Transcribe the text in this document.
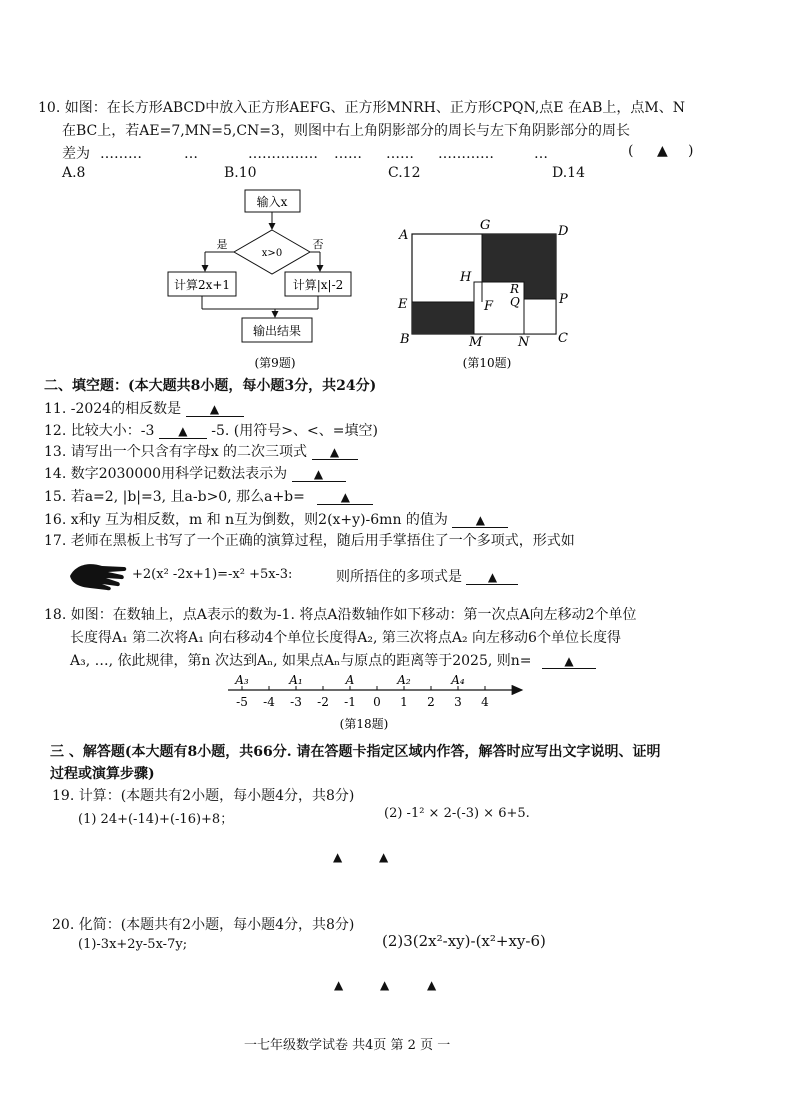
10. 如图：在长方形ABCD中放入正方形AEFG、正方形MNRH、正方形CPQN,点E 在AB上，点M、N
在BC上，若AE=7,MN=5,CN=3，则图中右上角阴影部分的周长与左下角阴影部分的周长
差为 ………	…	…………… …… …… …………	…	( ▲ )
A.8	B.10	C.12	D.14
输入x
x>0
是	否
计算2x+1	计算|x|-2
输出结果
(第9题)
A
G	D
H
R
Q	P
E	F
B	M	N C
(第10题)
二、填空题：(本大题共8小题，每小题3分，共24分)
11. -2024的相反数是 ▲
12. 比较大小：-3 ▲ -5. (用符号>、<、=填空)
13. 请写出一个只含有字母x 的二次三项式 ▲
14. 数字2030000用科学记数法表示为 ▲
15. 若a=2, |b|=3, 且a-b>0, 那么a+b=	▲
16. x和y 互为相反数，m 和 n互为倒数，则2(x+y)-6mn 的值为 ▲
17. 老师在黑板上书写了一个正确的演算过程，随后用手掌捂住了一个多项式，形式如
+2(x² -2x+1)=-x² +5x-3:	则所捂住的多项式是 ▲
18. 如图：在数轴上，点A表示的数为-1. 将点A沿数轴作如下移动：第一次点A向左移动2个单位
长度得A₁ 第二次将A₁ 向右移动4个单位长度得A₂, 第三次将点A₂ 向左移动6个单位长度得
A₃, …, 依此规律，第n 次达到Aₙ, 如果点Aₙ与原点的距离等于2025, 则n=	▲
-5 -4 -3 -2 -1 0 1 2 3 4
A₃	A₁	A	A₂	A₄
(第18题)
三 、解答题(本大题有8小题，共66分. 请在答题卡指定区域内作答，解答时应写出文字说明、证明
过程或演算步骤)
19. 计算：(本题共有2小题，每小题4分，共8分)
(1) 24+(-14)+(-16)+8；	(2) -1² × 2-(-3) × 6+5.
▲	▲
20. 化简：(本题共有2小题，每小题4分，共8分)
(1)-3x+2y-5x-7y;	(2)3(2x²-xy)-(x²+xy-6)
▲	▲	▲
一七年级数学试卷 共4页 第 2 页 一
